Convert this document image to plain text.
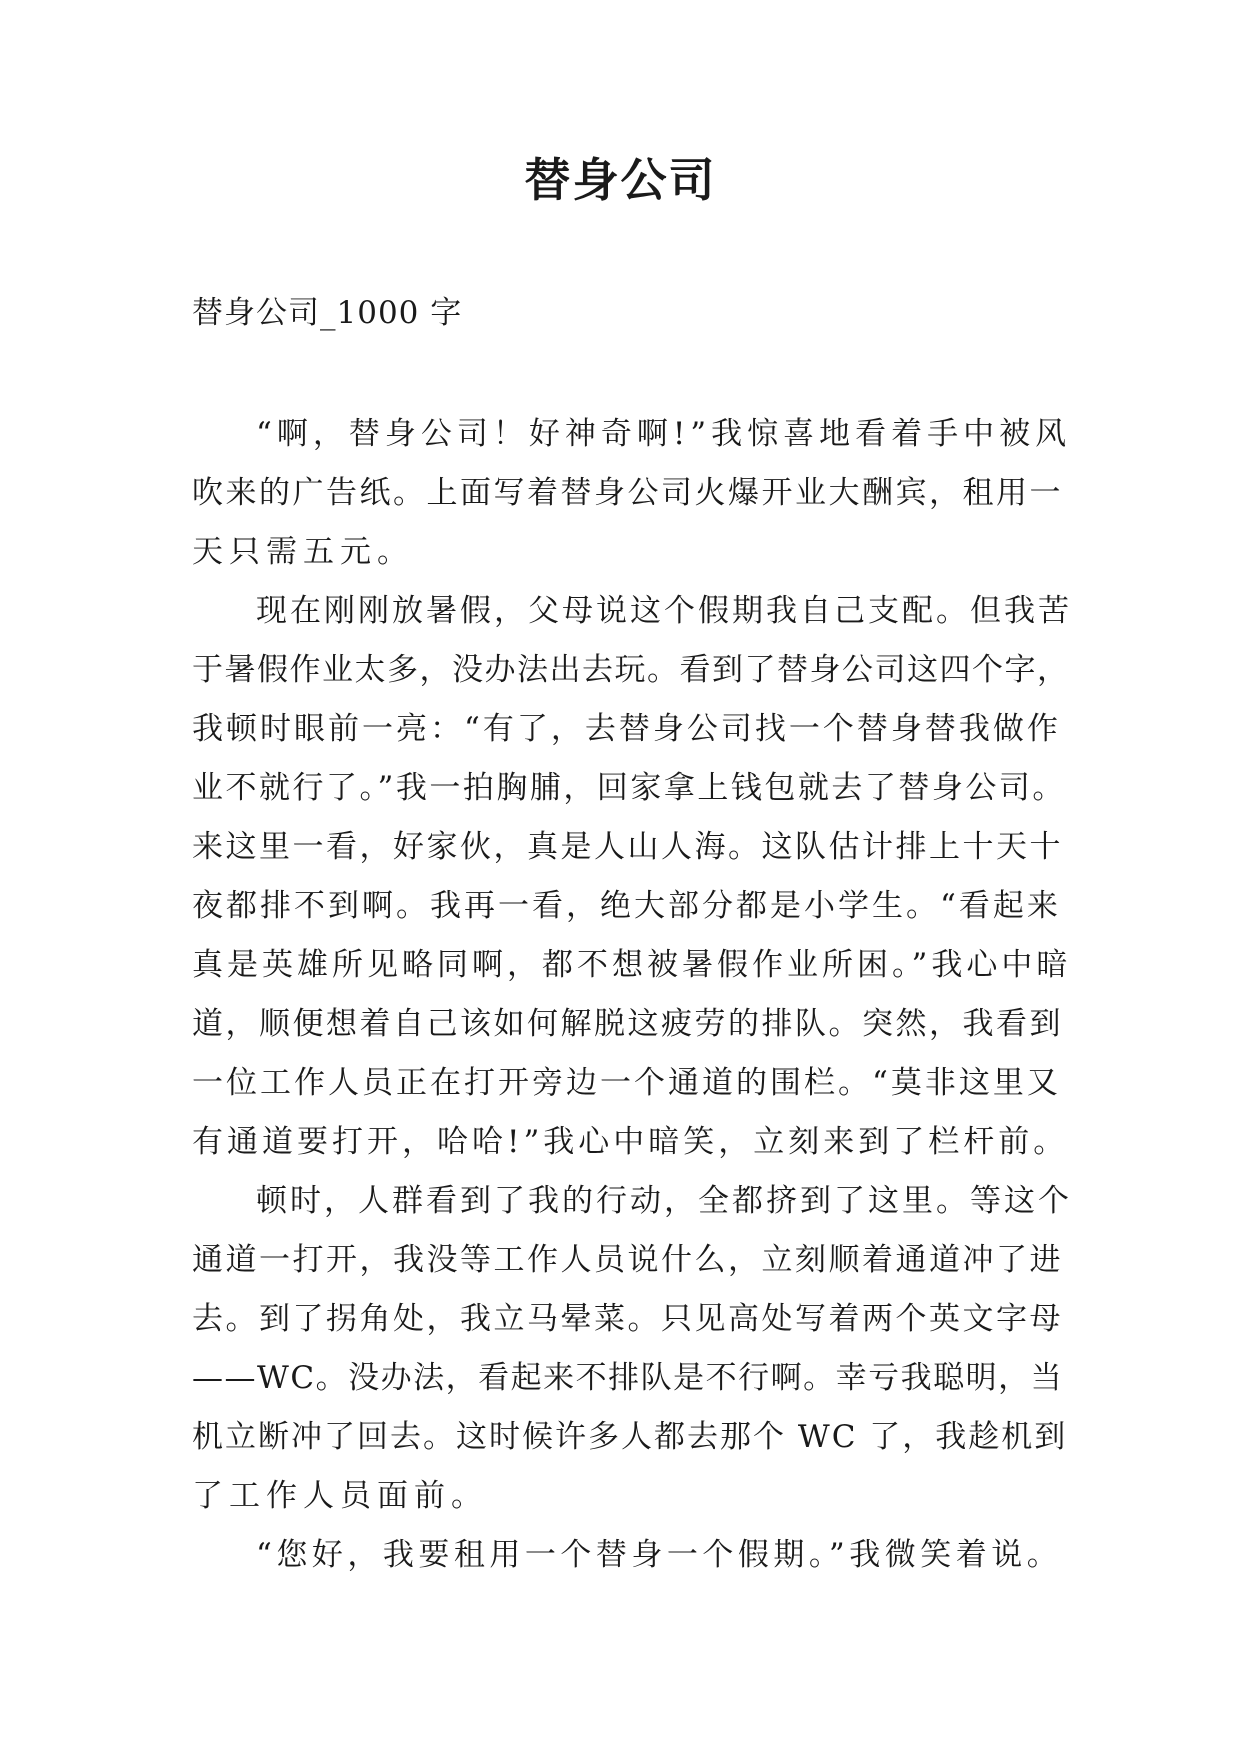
替身公司
替身公司_1000 字
“啊，替身公司！好神奇啊!”我惊喜地看着手中被风
吹来的广告纸。上面写着替身公司火爆开业大酬宾，租用一
天只需五元。
现在刚刚放暑假，父母说这个假期我自己支配。但我苦
于暑假作业太多，没办法出去玩。看到了替身公司这四个字，
我顿时眼前一亮：“有了，去替身公司找一个替身替我做作
业不就行了。”我一拍胸脯，回家拿上钱包就去了替身公司。
来这里一看，好家伙，真是人山人海。这队估计排上十天十
夜都排不到啊。我再一看，绝大部分都是小学生。“看起来
真是英雄所见略同啊，都不想被暑假作业所困。”我心中暗
道，顺便想着自己该如何解脱这疲劳的排队。突然，我看到
一位工作人员正在打开旁边一个通道的围栏。“莫非这里又
有通道要打开，哈哈!”我心中暗笑，立刻来到了栏杆前。
顿时，人群看到了我的行动，全都挤到了这里。等这个
通道一打开，我没等工作人员说什么，立刻顺着通道冲了进
去。到了拐角处，我立马晕菜。只见高处写着两个英文字母
——WC。没办法，看起来不排队是不行啊。幸亏我聪明，当
机立断冲了回去。这时候许多人都去那个 WC 了，我趁机到
了工作人员面前。
“您好，我要租用一个替身一个假期。”我微笑着说。
